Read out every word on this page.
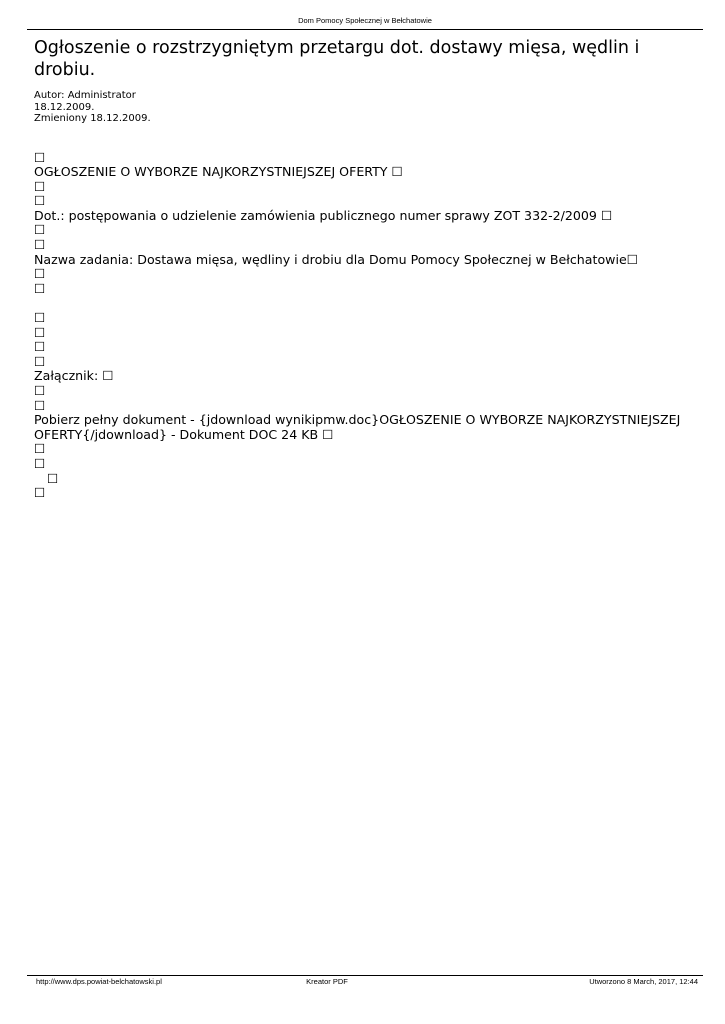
Dom Pomocy Społecznej w Bełchatowie
Ogłoszenie o rozstrzygniętym przetargu dot. dostawy mięsa, wędlin i drobiu.
Autor: Administrator
18.12.2009.
Zmieniony 18.12.2009.
☐
OGŁOSZENIE O WYBORZE NAJKORZYSTNIEJSZEJ OFERTY ☐
☐
☐
Dot.: postępowania o udzielenie zamówienia publicznego numer sprawy ZOT 332-2/2009 ☐
☐
☐
Nazwa zadania: Dostawa mięsa, wędliny i drobiu dla Domu Pomocy Społecznej w Bełchatowie☐
☐
☐
☐
☐
☐
☐
Załącznik: ☐
☐
☐
Pobierz pełny dokument - {jdownload wynikipmw.doc}OGŁOSZENIE O WYBORZE NAJKORZYSTNIEJSZEJ OFERTY{/jdownload} - Dokument DOC 24 KB ☐
☐
☐
☐
☐
http://www.dps.powiat-belchatowski.pl	Kreator PDF	Utworzono 8 March, 2017, 12:44
